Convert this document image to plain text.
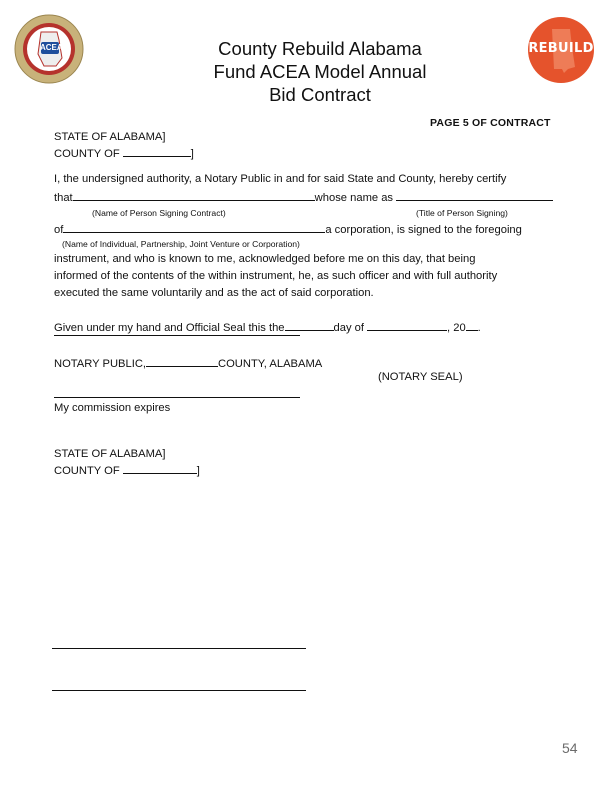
ACEA	County Rebuild Alabama
Fund ACEA Model Annual
Bid Contract
REBUILD
PAGE 5 OF CONTRACT
STATE OF ALABAMA]
COUNTY OF	]
I, the undersigned authority, a Notary Public in and for said State and County, hereby certify
that	whose name as
(Name of Person Signing Contract)	(Title of Person Signing)
of	a corporation, is signed to the foregoing
(Name of Individual, Partnership, Joint Venture or Corporation)
instrument, and who is known to me, acknowledged before me on this day, that being
informed of the contents of the within instrument, he, as such officer and with full authority
executed the same voluntarily and as the act of said corporation.
Given under my hand and Official Seal this the	day of	, 20 .
NOTARY PUBLIC,	COUNTY, ALABAMA
(NOTARY SEAL)
My commission expires
STATE OF ALABAMA]
COUNTY OF	]
54
